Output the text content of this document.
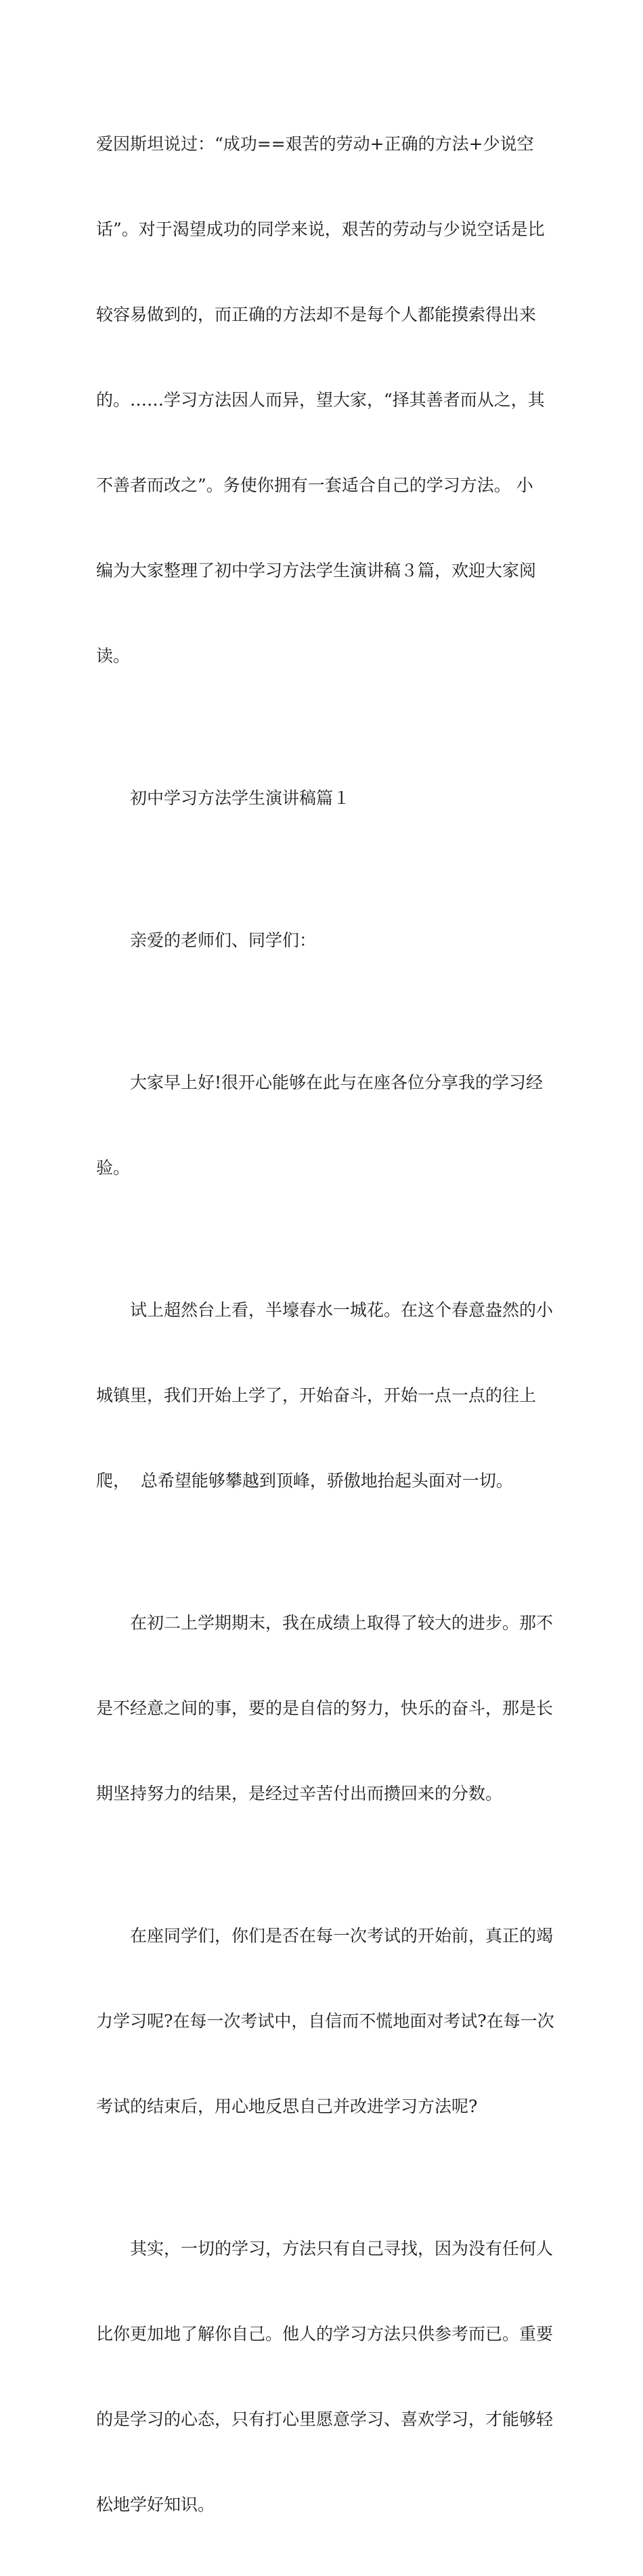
爱因斯坦说过：“成功==艰苦的劳动+正确的方法+少说空

话”。对于渴望成功的同学来说，艰苦的劳动与少说空话是比

较容易做到的，而正确的方法却不是每个人都能摸索得出来

的。……学习方法因人而异，望大家，“择其善者而从之，其

不善者而改之”。务使你拥有一套适合自己的学习方法。 小

编为大家整理了初中学习方法学生演讲稿３篇，欢迎大家阅

读。

初中学习方法学生演讲稿篇１

亲爱的老师们、同学们：

大家早上好!很开心能够在此与在座各位分享我的学习经

验。

试上超然台上看，半壕春水一城花。在这个春意盎然的小

城镇里，我们开始上学了，开始奋斗，开始一点一点的往上

爬，  总希望能够攀越到顶峰，骄傲地抬起头面对一切。

在初二上学期期末，我在成绩上取得了较大的进步。那不

是不经意之间的事，要的是自信的努力，快乐的奋斗，那是长

期坚持努力的结果，是经过辛苦付出而攒回来的分数。

在座同学们，你们是否在每一次考试的开始前，真正的竭

力学习呢?在每一次考试中，自信而不慌地面对考试?在每一次

考试的结束后，用心地反思自己并改进学习方法呢?

其实，一切的学习，方法只有自己寻找，因为没有任何人

比你更加地了解你自己。他人的学习方法只供参考而已。重要

的是学习的心态，只有打心里愿意学习、喜欢学习，才能够轻

松地学好知识。
